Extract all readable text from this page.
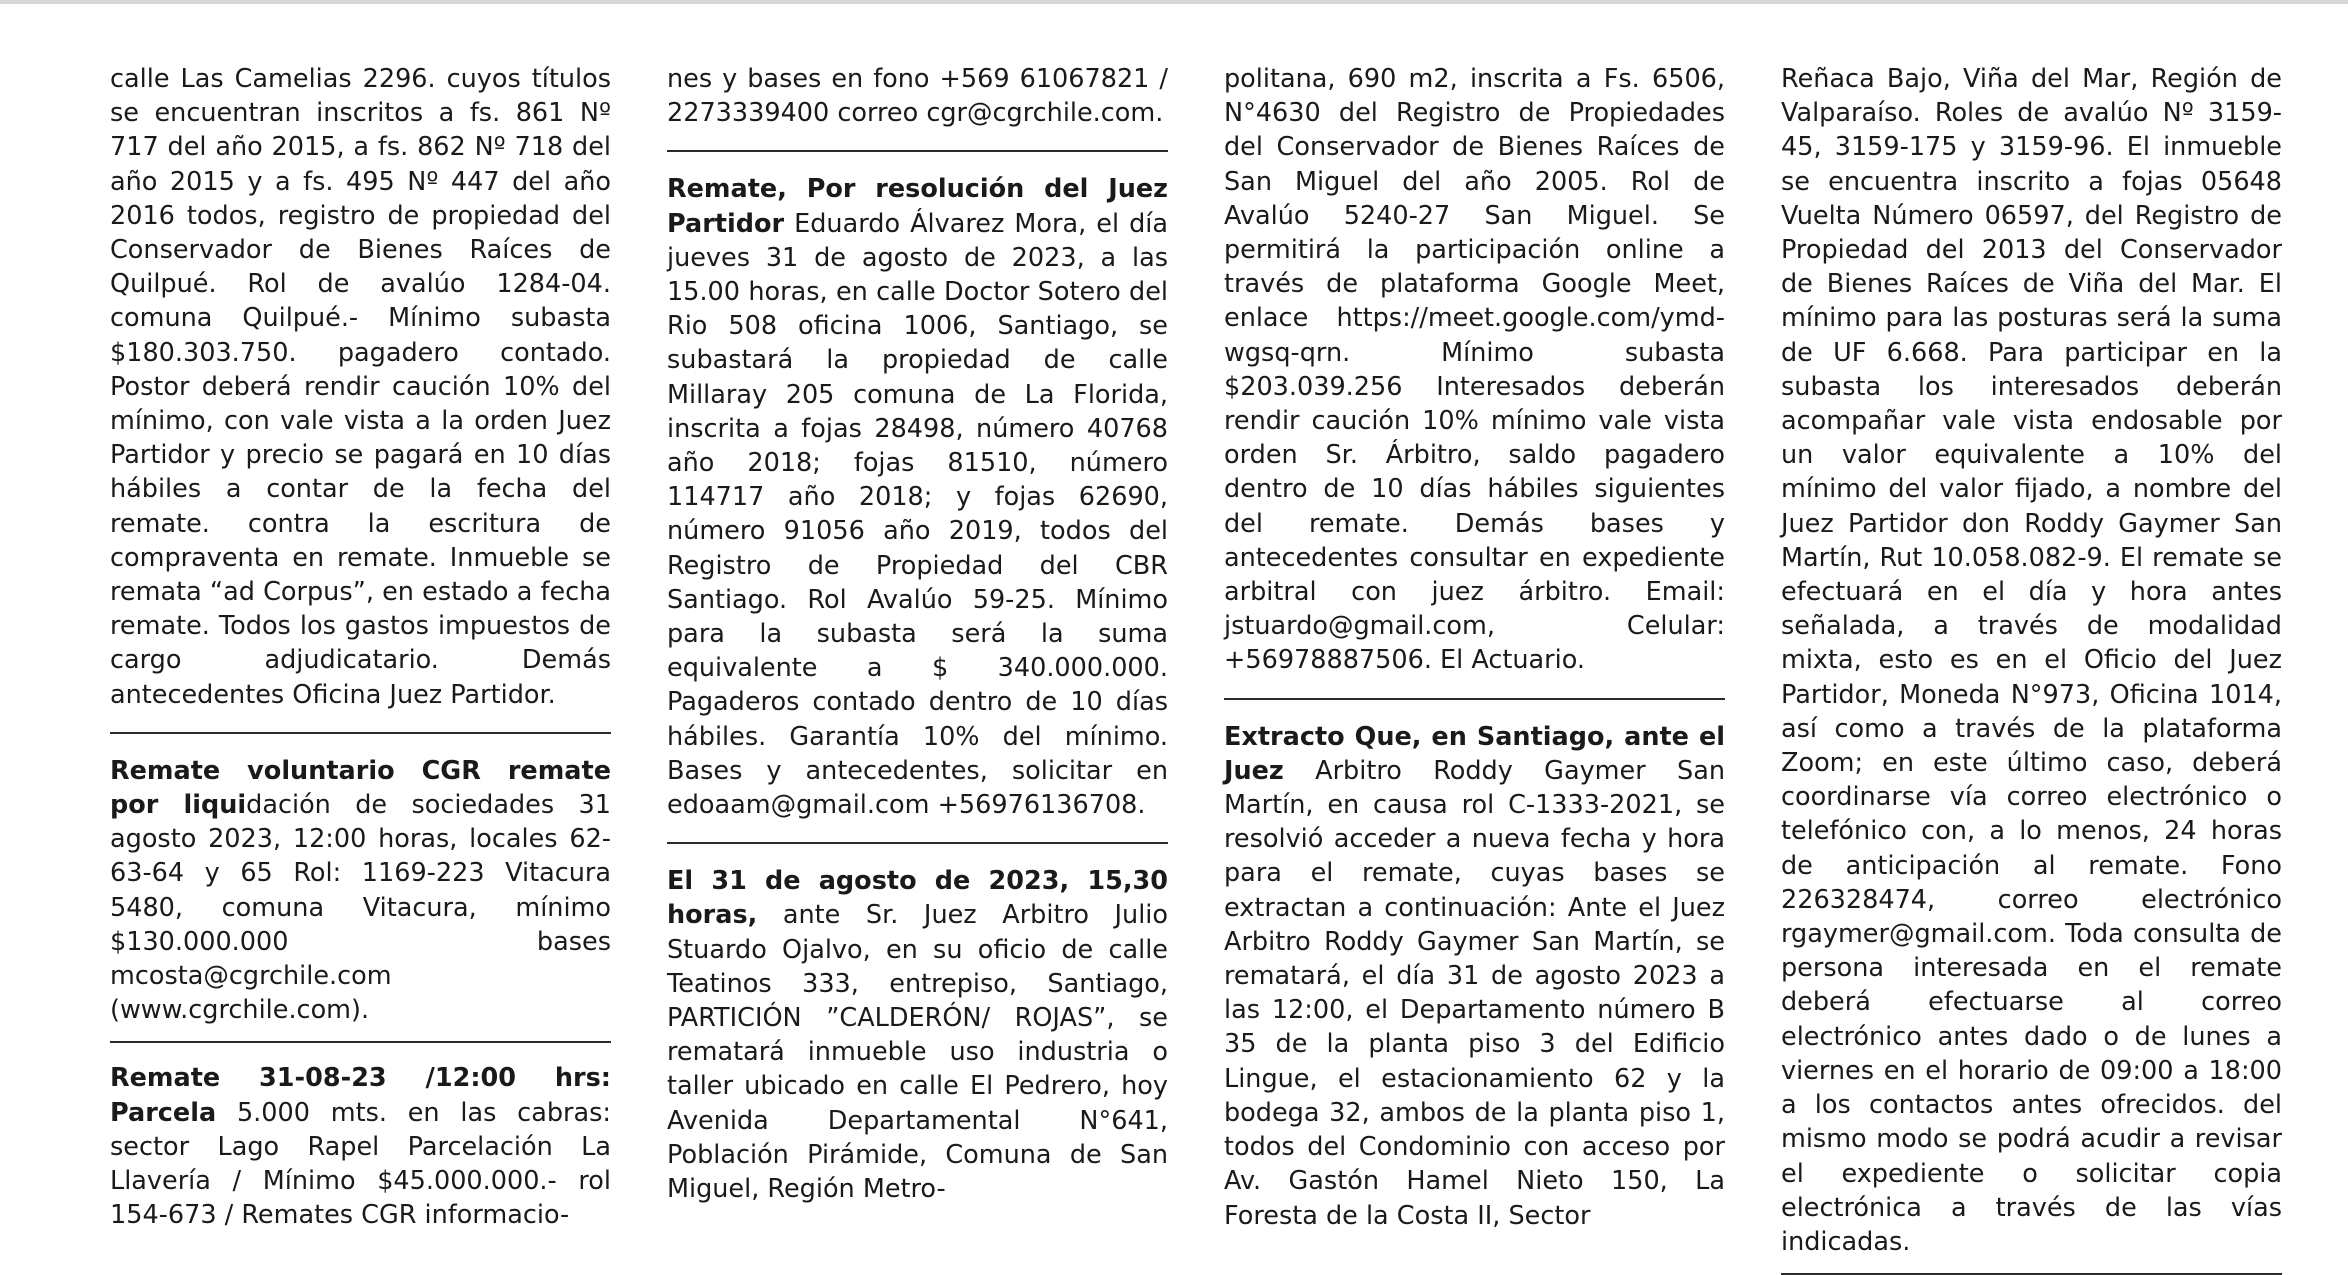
calle Las Camelias 2296. cuyos títulos se encuentran inscritos a fs. 861 Nº 717 del año 2015, a fs. 862 Nº 718 del año 2015 y a fs. 495 Nº 447 del año 2016 todos, registro de propiedad del Conservador de Bienes Raíces de Quilpué. Rol de avalúo 1284-04. comuna Quilpué.- Mínimo subasta $180.303.750. pagadero contado. Postor deberá rendir caución 10% del mínimo, con vale vista a la orden Juez Partidor y precio se pagará en 10 días hábiles a contar de la fecha del remate. contra la escritura de compraventa en remate. Inmueble se remata “ad Corpus”, en estado a fecha remate. Todos los gastos impuestos de cargo adjudicatario. Demás antecedentes Oficina Juez Partidor.

Remate voluntario CGR remate por liquidación de sociedades 31 agosto 2023, 12:00 horas, locales 62-63-64 y 65 Rol: 1169-223 Vitacura 5480, comuna Vitacura, mínimo $130.000.000 bases mcosta@cgrchile.com (www.cgrchile.com).

Remate 31-08-23 /12:00 hrs: Parcela 5.000 mts. en las cabras: sector Lago Rapel Parcelación La Llavería / Mínimo $45.000.000.- rol 154-673 / Remates CGR informacio-

nes y bases en fono +569 61067821 / 2273339400 correo cgr@cgrchile.com.

Remate, Por resolución del Juez Partidor Eduardo Álvarez Mora, el día jueves 31 de agosto de 2023, a las 15.00 horas, en calle Doctor Sotero del Rio 508 oficina 1006, Santiago, se subastará la propiedad de calle Millaray 205 comuna de La Florida, inscrita a fojas 28498, número 40768 año 2018; fojas 81510, número 114717 año 2018; y fojas 62690, número 91056 año 2019, todos del Registro de Propiedad del CBR Santiago. Rol Avalúo 59-25. Mínimo para la subasta será la suma equivalente a $ 340.000.000. Pagaderos contado dentro de 10 días hábiles. Garantía 10% del mínimo. Bases y antecedentes, solicitar en edoaam@gmail.com +56976136708.

El 31 de agosto de 2023, 15,30 horas, ante Sr. Juez Arbitro Julio Stuardo Ojalvo, en su oficio de calle Teatinos 333, entrepiso, Santiago, PARTICIÓN ”CALDERÓN/ ROJAS”, se rematará inmueble uso industria o taller ubicado en calle El Pedrero, hoy Avenida Departamental N°641, Población Pirámide, Comuna de San Miguel, Región Metro-

politana, 690 m2, inscrita a Fs. 6506, N°4630 del Registro de Propiedades del Conservador de Bienes Raíces de San Miguel del año 2005. Rol de Avalúo 5240-27 San Miguel. Se permitirá la participación online a través de plataforma Google Meet, enlace https://meet.google.com/ymd-wgsq-qrn. Mínimo subasta $203.039.256 Interesados deberán rendir caución 10% mínimo vale vista orden Sr. Árbitro, saldo pagadero dentro de 10 días hábiles siguientes del remate. Demás bases y antecedentes consultar en expediente arbitral con juez árbitro. Email: jstuardo@gmail.com, Celular: +56978887506. El Actuario.

Extracto Que, en Santiago, ante el Juez Arbitro Roddy Gaymer San Martín, en causa rol C-1333-2021, se resolvió acceder a nueva fecha y hora para el remate, cuyas bases se extractan a continuación: Ante el Juez Arbitro Roddy Gaymer San Martín, se rematará, el día 31 de agosto 2023 a las 12:00, el Departamento número B 35 de la planta piso 3 del Edificio Lingue, el estacionamiento 62 y la bodega 32, ambos de la planta piso 1, todos del Condominio con acceso por Av. Gastón Hamel Nieto 150, La Foresta de la Costa II, Sector

Reñaca Bajo, Viña del Mar, Región de Valparaíso. Roles de avalúo Nº 3159-45, 3159-175 y 3159-96. El inmueble se encuentra inscrito a fojas 05648 Vuelta Número 06597, del Registro de Propiedad del 2013 del Conservador de Bienes Raíces de Viña del Mar. El mínimo para las posturas será la suma de UF 6.668. Para participar en la subasta los interesados deberán acompañar vale vista endosable por un valor equivalente a 10% del mínimo del valor fijado, a nombre del Juez Partidor don Roddy Gaymer San Martín, Rut 10.058.082-9. El remate se efectuará en el día y hora antes señalada, a través de modalidad mixta, esto es en el Oficio del Juez Partidor, Moneda N°973, Oficina 1014, así como a través de la plataforma Zoom; en este último caso, deberá coordinarse vía correo electrónico o telefónico con, a lo menos, 24 horas de anticipación al remate. Fono 226328474, correo electrónico rgaymer@gmail.com. Toda consulta de persona interesada en el remate deberá efectuarse al correo electrónico antes dado o de lunes a viernes en el horario de 09:00 a 18:00 a los contactos antes ofrecidos. del mismo modo se podrá acudir a revisar el expediente o solicitar copia electrónica a través de las vías indicadas.
